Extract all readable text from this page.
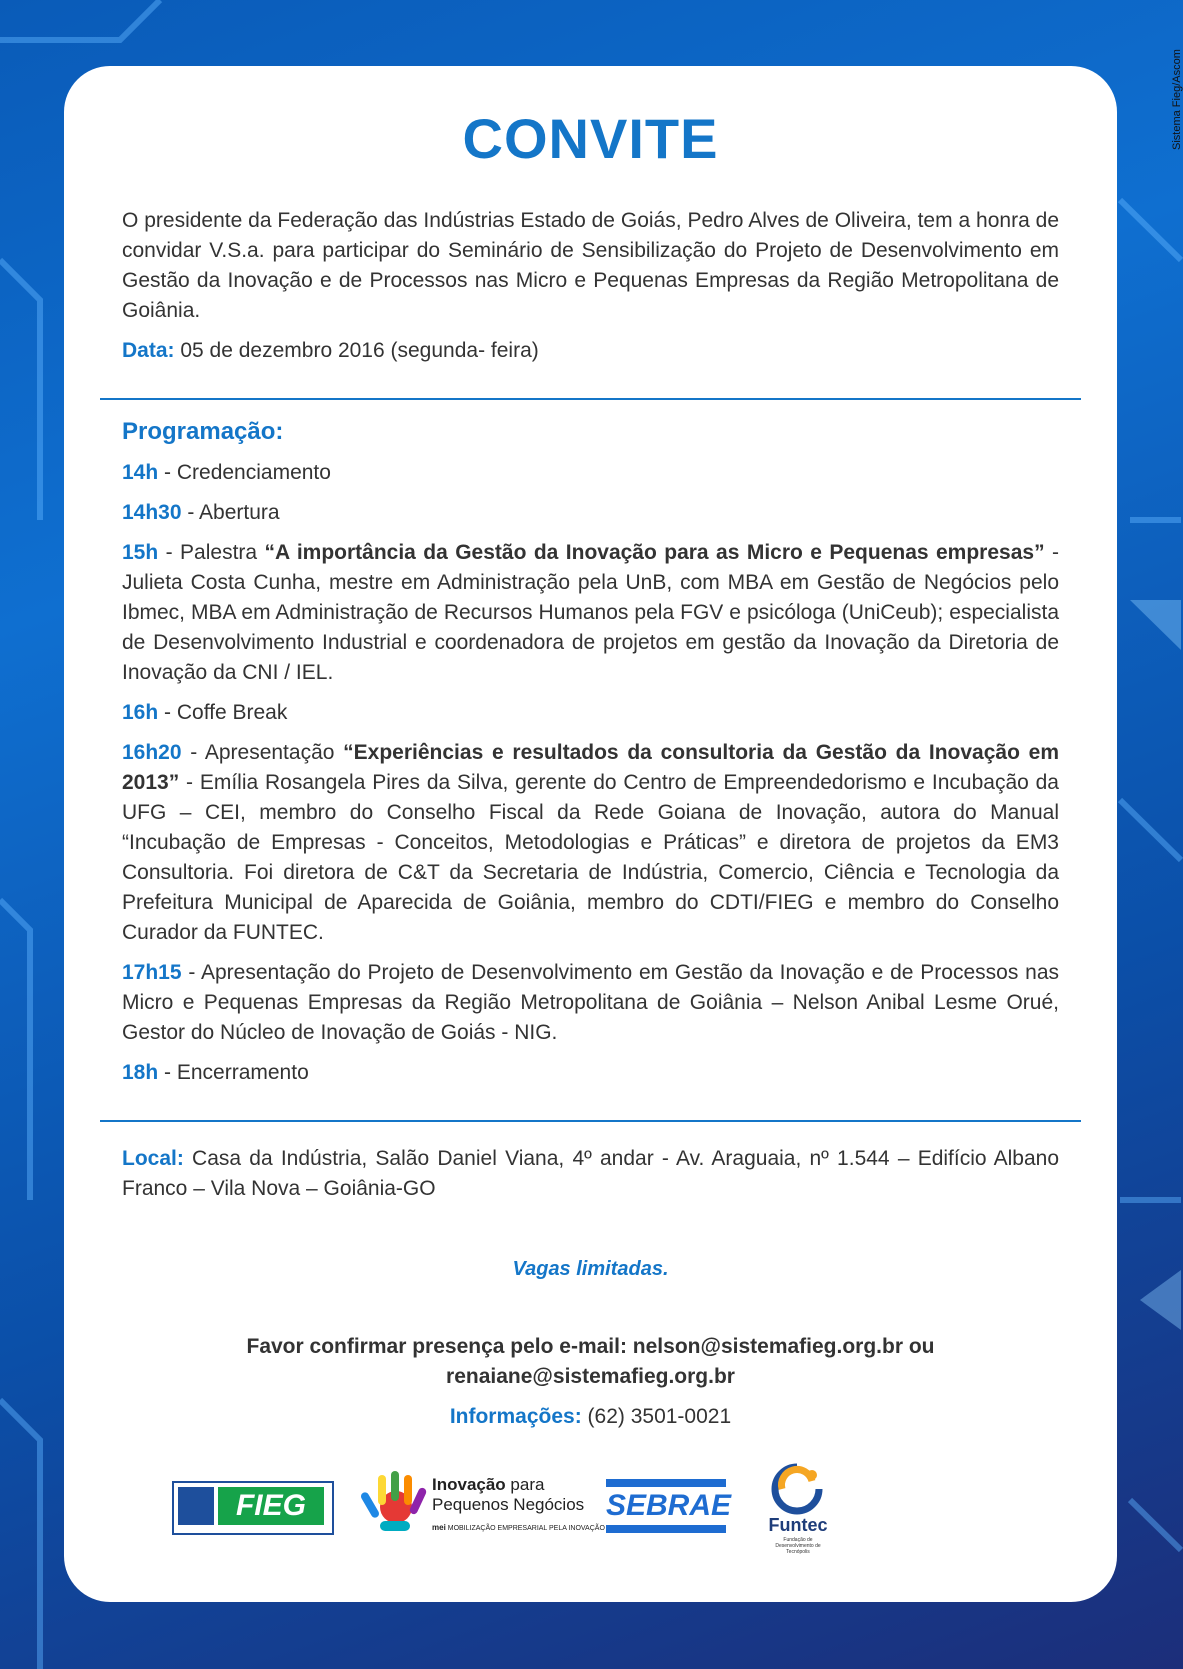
Sistema Fieg/Ascom
CONVITE
O presidente da Federação das Indústrias Estado de Goiás, Pedro Alves de Oliveira, tem a honra de convidar V.S.a. para participar do Seminário de Sensibilização do Projeto de Desenvolvimento em Gestão da Inovação e de Processos nas Micro e Pequenas Empresas da Região Metropolitana de Goiânia.
Data: 05 de dezembro 2016 (segunda- feira)
Programação:
14h - Credenciamento
14h30 - Abertura
15h - Palestra “A importância da Gestão da Inovação para as Micro e Pequenas empresas” - Julieta Costa Cunha, mestre em Administração pela UnB, com MBA em Gestão de Negócios pelo Ibmec, MBA em Administração de Recursos Humanos pela FGV e psicóloga (UniCeub); especialista de Desenvolvimento Industrial e coordenadora de projetos em gestão da Inovação da Diretoria de Inovação da CNI / IEL.
16h - Coffe Break
16h20 - Apresentação “Experiências e resultados da consultoria da Gestão da Inovação em 2013” - Emília Rosangela Pires da Silva, gerente do Centro de Empreendedorismo e Incubação da UFG – CEI, membro do Conselho Fiscal da Rede Goiana de Inovação, autora do Manual “Incubação de Empresas - Conceitos, Metodologias e Práticas” e diretora de projetos da EM3 Consultoria. Foi diretora de C&T da Secretaria de Indústria, Comercio, Ciência e Tecnologia da Prefeitura Municipal de Aparecida de Goiânia, membro do CDTI/FIEG e membro do Conselho Curador da FUNTEC.
17h15 - Apresentação do Projeto de Desenvolvimento em Gestão da Inovação e de Processos nas Micro e Pequenas Empresas da Região Metropolitana de Goiânia – Nelson Anibal Lesme Orué, Gestor do Núcleo de Inovação de Goiás - NIG.
18h - Encerramento
Local: Casa da Indústria, Salão Daniel Viana, 4º andar - Av. Araguaia, nº 1.544 – Edifício Albano Franco – Vila Nova – Goiânia-GO
Vagas limitadas.
Favor confirmar presença pelo e-mail: nelson@sistemafieg.org.br ou
renaiane@sistemafieg.org.br
Informações: (62) 3501-0021
FIEG
Inovação para
Pequenos Negócios
mei MOBILIZAÇÃO EMPRESARIAL PELA INOVAÇÃO
SEBRAE
Funtec
Fundação de Desenvolvimento de Tecnópolis
